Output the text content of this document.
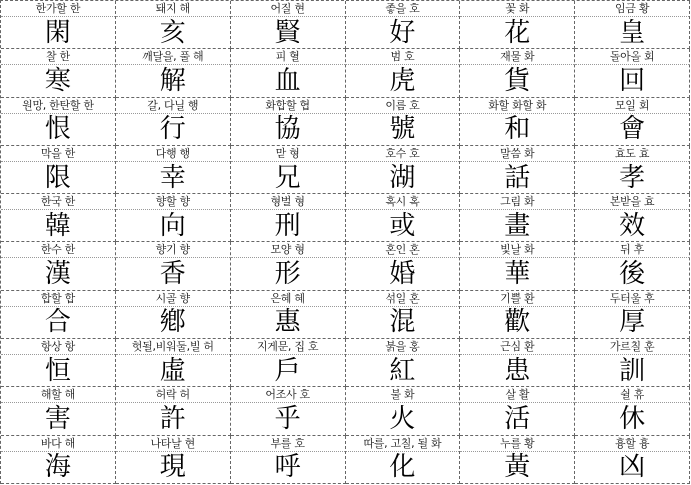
한가할 한
閑
돼지 해
亥
어질 현
賢
좋을 호
好
꽃 화
花
임금 황
皇
찰 한
寒
깨달을, 풀 해
解
피 혈
血
범 호
虎
재물 화
貨
돌아올 회
回
원망, 한탄할 한
恨
갈, 다닐 행
行
화합할 협
協
이름 호
號
화할 화할 화
和
모일 회
會
막을 한
限
다행 행
幸
맏 형
兄
호수 호
湖
말씀 화
話
효도 효
孝
한국 한
韓
향할 향
向
형벌 형
刑
혹시 혹
或
그림 화
畫
본받을 효
效
한수 한
漢
향기 향
香
모양 형
形
혼인 혼
婚
빛날 화
華
뒤 후
後
합할 합
合
시골 향
鄕
은혜 혜
惠
섞일 혼
混
기쁠 환
歡
두터울 후
厚
항상 항
恒
헛될,비워둘,빌 허
虛
지게문, 집 호
戶
붉을 홍
紅
근심 환
患
가르칠 훈
訓
해할 해
害
허락 허
許
어조사 호
乎
불 화
火
살 활
活
쉴 휴
休
바다 해
海
나타날 현
現
부를 호
呼
따를, 고칠, 될 화
化
누를 황
黃
흉할 흉
凶
